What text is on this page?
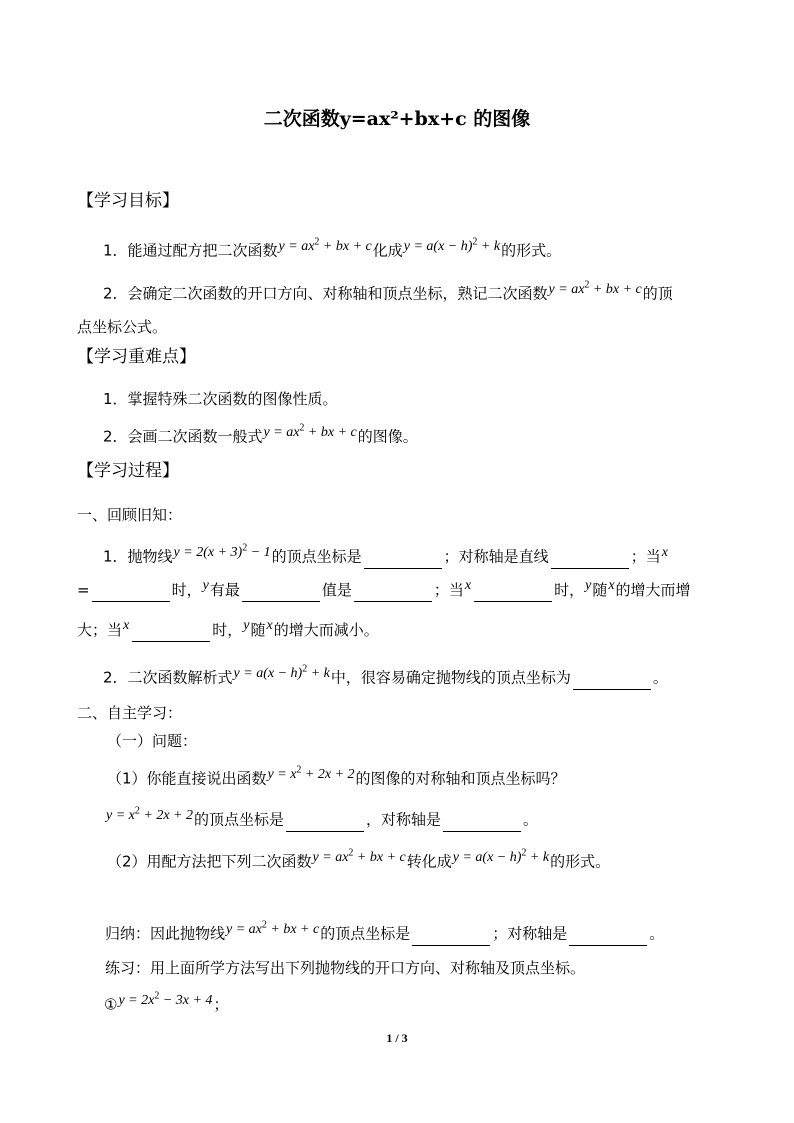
二次函数y=ax²+bx+c 的图像
【学习目标】
1．能通过配方把二次函数$y = ax^2$ + bx + c化成$y = a(x - h)^2 + k$的形式。
2．会确定二次函数的开口方向、对称轴和顶点坐标，熟记二次函数$y = ax^2$ + bx + c的顶
点坐标公式。
【学习重难点】
1．掌握特殊二次函数的图像性质。
2．会画二次函数一般式$y = ax^2$ + bx + c的图像。
【学习过程】
一、回顾旧知：
1．抛物线$y = 2(x + 3)^2 - 1$的顶点坐标是	；对称轴是直线	；当x
=	时，y有最	值是	；当x	时，y随x的增大而增
大；当x	时，y随x的增大而减小。
2．二次函数解析式$y = a(x - h)^2 + k$中，很容易确定抛物线的顶点坐标为	。
二、自主学习：
（一）问题：
（1）你能直接说出函数$y = x^2 + 2x + 2$的图像的对称轴和顶点坐标吗？
$y = x^2 + 2x + 2$的顶点坐标是	，对称轴是	。
（2）用配方法把下列二次函数$y = ax^2$ + bx + c转化成$y = a(x - h)^2 + k$的形式。
归纳：因此抛物线$y = ax^2$ + bx + c的顶点坐标是	；对称轴是	。
练习：用上面所学方法写出下列抛物线的开口方向、对称轴及顶点坐标。
①y = $2x^2 - 3x + 4$；
1 / 3
